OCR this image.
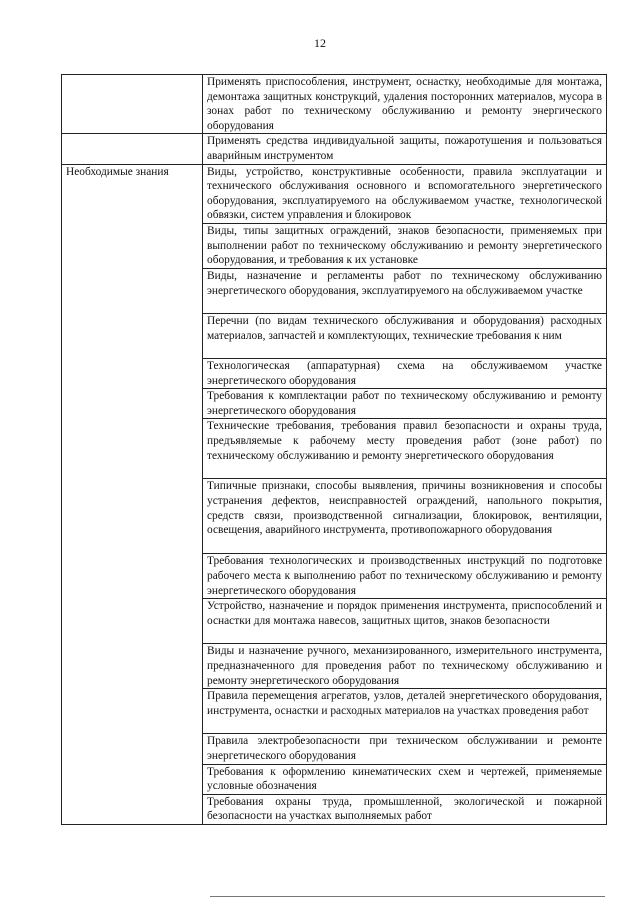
12
	Применять приспособления, инструмент, оснастку, необходимые для монтажа, демонтажа защитных конструкций, удаления посторонних материалов, мусора в зонах работ по техническому обслуживанию и ремонту энергического оборудования
	Применять средства индивидуальной защиты, пожаротушения и пользоваться аварийным инструментом
Необходимые знания	Виды, устройство, конструктивные особенности, правила эксплуатации и технического обслуживания основного и вспомогательного энергетического оборудования, эксплуатируемого на обслуживаемом участке, технологической обвязки, систем управления и блокировок
	Виды, типы защитных ограждений, знаков безопасности, применяемых при выполнении работ по техническому обслуживанию и ремонту энергетического оборудования, и требования к их установке
	Виды, назначение и регламенты работ по техническому обслуживанию энергетического оборудования, эксплуатируемого на обслуживаемом участке
	Перечни (по видам технического обслуживания и оборудования) расходных материалов, запчастей и комплектующих, технические требования к ним
	Технологическая (аппаратурная) схема на обслуживаемом участке энергетического оборудования
	Требования к комплектации работ по техническому обслуживанию и ремонту энергетического оборудования
	Технические требования, требования правил безопасности и охраны труда, предъявляемые к рабочему месту проведения работ (зоне работ) по техническому обслуживанию и ремонту энергетического оборудования
	Типичные признаки, способы выявления, причины возникновения и способы устранения дефектов, неисправностей ограждений, напольного покрытия, средств связи, производственной сигнализации, блокировок, вентиляции, освещения, аварийного инструмента, противопожарного оборудования
	Требования технологических и производственных инструкций по подготовке рабочего места к выполнению работ по техническому обслуживанию и ремонту энергетического оборудования
	Устройство, назначение и порядок применения инструмента, приспособлений и оснастки для монтажа навесов, защитных щитов, знаков безопасности
	Виды и назначение ручного, механизированного, измерительного инструмента, предназначенного для проведения работ по техническому обслуживанию и ремонту энергетического оборудования
	Правила перемещения агрегатов, узлов, деталей энергетического оборудования, инструмента, оснастки и расходных материалов на участках проведения работ
	Правила электробезопасности при техническом обслуживании и ремонте энергетического оборудования
	Требования к оформлению кинематических схем и чертежей, применяемые условные обозначения
	Требования охраны труда, промышленной, экологической и пожарной безопасности на участках выполняемых работ
